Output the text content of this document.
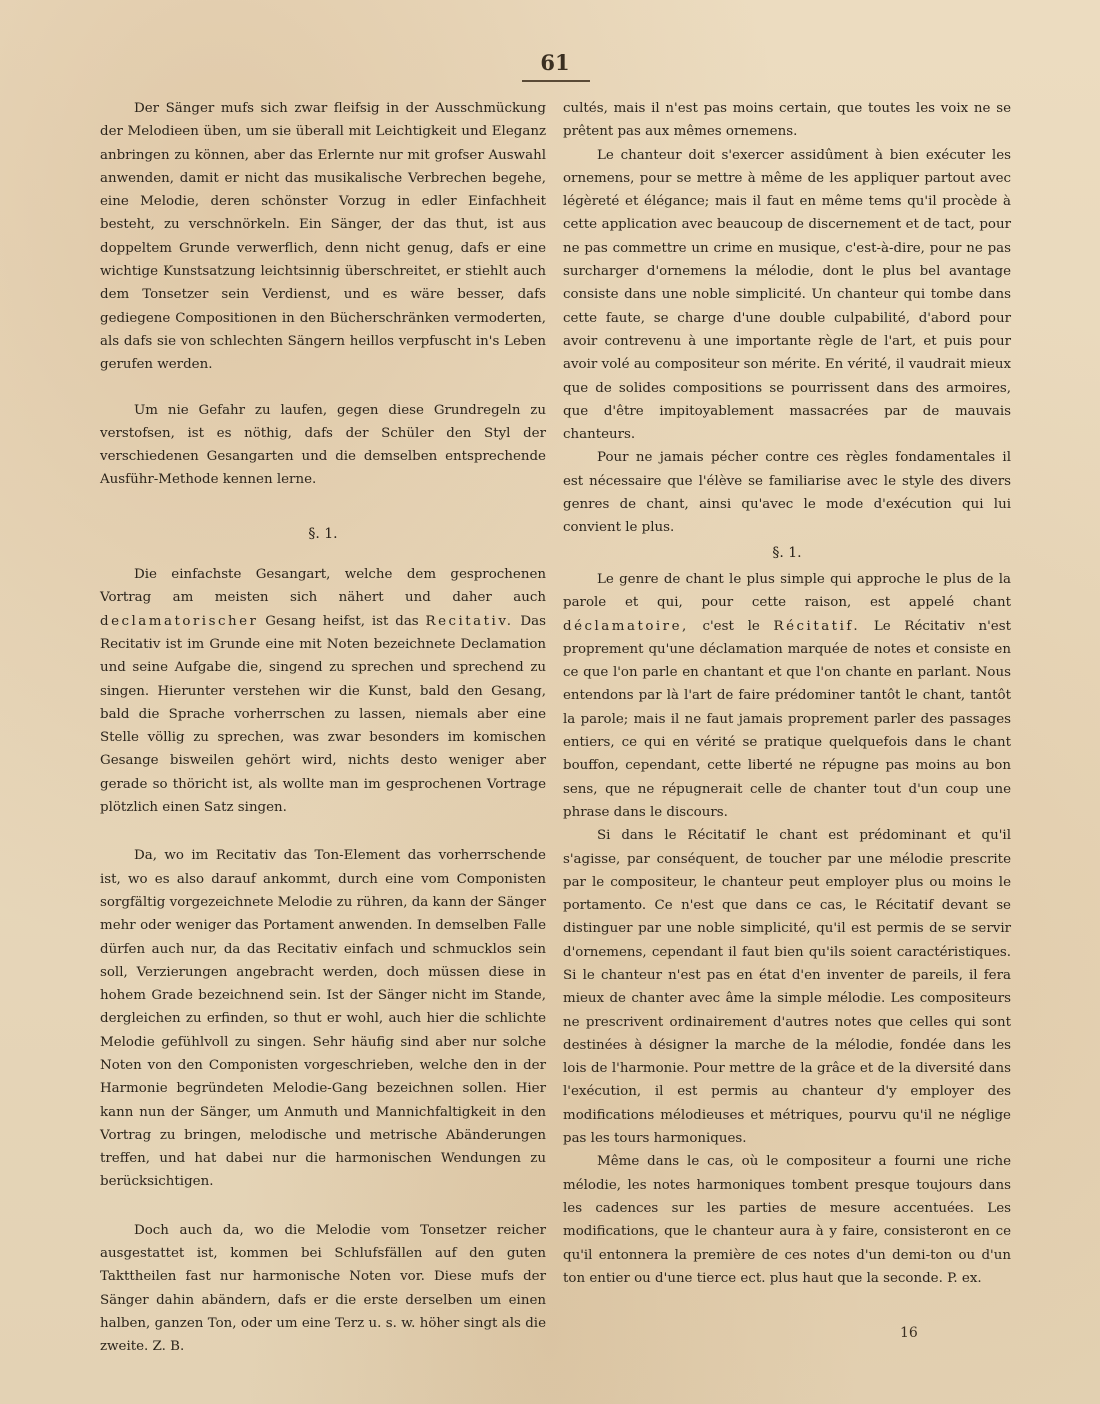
61

Der Sänger mufs sich zwar fleifsig in der Ausschmückung der Melodieen üben, um sie überall mit Leichtigkeit und Eleganz anbringen zu können, aber das Erlernte nur mit grofser Auswahl anwenden, damit er nicht das musikalische Verbrechen begehe, eine Melodie, deren schönster Vorzug in edler Einfachheit besteht, zu verschnörkeln. Ein Sänger, der das thut, ist aus doppeltem Grunde verwerflich, denn nicht genug, dafs er eine wichtige Kunstsatzung leichtsinnig überschreitet, er stiehlt auch dem Tonsetzer sein Verdienst, und es wäre besser, dafs gediegene Compositionen in den Bücherschränken vermoderten, als dafs sie von schlechten Sängern heillos verpfuscht in's Leben gerufen werden.

Um nie Gefahr zu laufen, gegen diese Grundregeln zu verstofsen, ist es nöthig, dafs der Schüler den Styl der verschiedenen Gesangarten und die demselben entsprechende Ausführ-Methode kennen lerne.

§. 1.

Die einfachste Gesangart, welche dem gesprochenen Vortrag am meisten sich nähert und daher auch declamatorischer Gesang heifst, ist das Recitativ. Das Recitativ ist im Grunde eine mit Noten bezeichnete Declamation und seine Aufgabe die, singend zu sprechen und sprechend zu singen. Hierunter verstehen wir die Kunst, bald den Gesang, bald die Sprache vorherrschen zu lassen, niemals aber eine Stelle völlig zu sprechen, was zwar besonders im komischen Gesange bisweilen gehört wird, nichts desto weniger aber gerade so thöricht ist, als wollte man im gesprochenen Vortrage plötzlich einen Satz singen.

Da, wo im Recitativ das Ton-Element das vorherrschende ist, wo es also darauf ankommt, durch eine vom Componisten sorgfältig vorgezeichnete Melodie zu rühren, da kann der Sänger mehr oder weniger das Portament anwenden. In demselben Falle dürfen auch nur, da das Recitativ einfach und schmucklos sein soll, Verzierungen angebracht werden, doch müssen diese in hohem Grade bezeichnend sein. Ist der Sänger nicht im Stande, dergleichen zu erfinden, so thut er wohl, auch hier die schlichte Melodie gefühlvoll zu singen. Sehr häufig sind aber nur solche Noten von den Componisten vorgeschrieben, welche den in der Harmonie begründeten Melodie-Gang bezeichnen sollen. Hier kann nun der Sänger, um Anmuth und Mannichfaltigkeit in den Vortrag zu bringen, melodische und metrische Abänderungen treffen, und hat dabei nur die harmonischen Wendungen zu berücksichtigen.

Doch auch da, wo die Melodie vom Tonsetzer reicher ausgestattet ist, kommen bei Schlufsfällen auf den guten Takttheilen fast nur harmonische Noten vor. Diese mufs der Sänger dahin abändern, dafs er die erste derselben um einen halben, ganzen Ton, oder um eine Terz u. s. w. höher singt als die zweite. Z. B.

cultés, mais il n'est pas moins certain, que toutes les voix ne se prêtent pas aux mêmes ornemens.

Le chanteur doit s'exercer assidûment à bien exécuter les ornemens, pour se mettre à même de les appliquer partout avec légèreté et élégance; mais il faut en même tems qu'il procède à cette application avec beaucoup de discernement et de tact, pour ne pas commettre un crime en musique, c'est-à-dire, pour ne pas surcharger d'ornemens la mélodie, dont le plus bel avantage consiste dans une noble simplicité. Un chanteur qui tombe dans cette faute, se charge d'une double culpabilité, d'abord pour avoir contrevenu à une importante règle de l'art, et puis pour avoir volé au compositeur son mérite. En vérité, il vaudrait mieux que de solides compositions se pourrissent dans des armoires, que d'être impitoyablement massacrées par de mauvais chanteurs.

Pour ne jamais pécher contre ces règles fondamentales il est nécessaire que l'élève se familiarise avec le style des divers genres de chant, ainsi qu'avec le mode d'exécution qui lui convient le plus.

§. 1.

Le genre de chant le plus simple qui approche le plus de la parole et qui, pour cette raison, est appelé chant déclamatoire, c'est le Récitatif. Le Récitativ n'est proprement qu'une déclamation marquée de notes et consiste en ce que l'on parle en chantant et que l'on chante en parlant. Nous entendons par là l'art de faire prédominer tantôt le chant, tantôt la parole; mais il ne faut jamais proprement parler des passages entiers, ce qui en vérité se pratique quelquefois dans le chant bouffon, cependant, cette liberté ne répugne pas moins au bon sens, que ne répugnerait celle de chanter tout d'un coup une phrase dans le discours.

Si dans le Récitatif le chant est prédominant et qu'il s'agisse, par conséquent, de toucher par une mélodie prescrite par le compositeur, le chanteur peut employer plus ou moins le portamento. Ce n'est que dans ce cas, le Récitatif devant se distinguer par une noble simplicité, qu'il est permis de se servir d'ornemens, cependant il faut bien qu'ils soient caractéristiques. Si le chanteur n'est pas en état d'en inventer de pareils, il fera mieux de chanter avec âme la simple mélodie. Les compositeurs ne prescrivent ordinairement d'autres notes que celles qui sont destinées à désigner la marche de la mélodie, fondée dans les lois de l'harmonie. Pour mettre de la grâce et de la diversité dans l'exécution, il est permis au chanteur d'y employer des modifications mélodieuses et métriques, pourvu qu'il ne néglige pas les tours harmoniques.

Même dans le cas, où le compositeur a fourni une riche mélodie, les notes harmoniques tombent presque toujours dans les cadences sur les parties de mesure accentuées. Les modifications, que le chanteur aura à y faire, consisteront en ce qu'il entonnera la première de ces notes d'un demi-ton ou d'un ton entier ou d'une tierce ect. plus haut que la seconde. P. ex.

16
